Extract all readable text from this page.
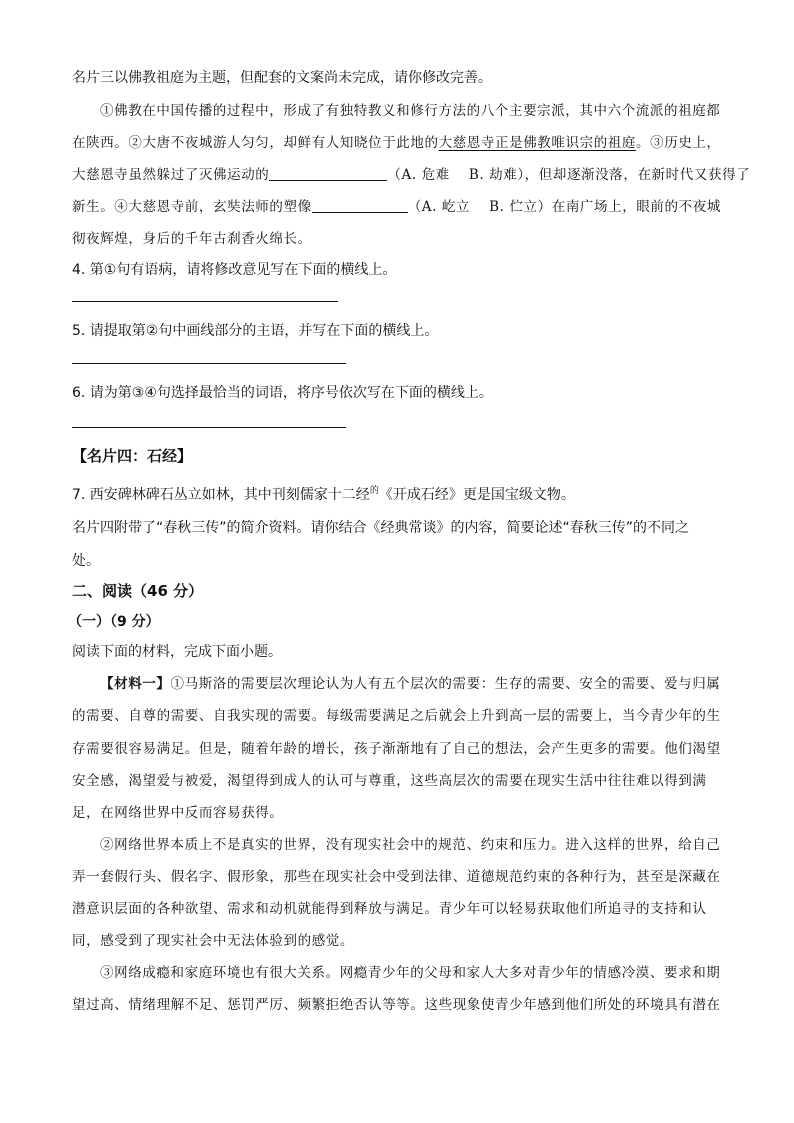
名片三以佛教祖庭为主题，但配套的文案尚未完成，请你修改完善。
①佛教在中国传播的过程中，形成了有独特教义和修行方法的八个主要宗派，其中六个流派的祖庭都
在陕西。②大唐不夜城游人匀匀，却鲜有人知晓位于此地的大慈恩寺正是佛教唯识宗的祖庭。③历史上，
大慈恩寺虽然躲过了灭佛运动的	（A. 危难　 B. 劫难），但却逐渐没落，在新时代又获得了
新生。④大慈恩寺前，玄奘法师的塑像	（A. 屹立　 B. 伫立）在南广场上，眼前的不夜城
彻夜辉煌，身后的千年古刹香火绵长。
4. 第①句有语病，请将修改意见写在下面的横线上。
5. 请提取第②句中画线部分的主语，并写在下面的横线上。
6. 请为第③④句选择最恰当的词语，将序号依次写在下面的横线上。
【名片四：石经】
7. 西安碑林碑石丛立如林，其中刊刻儒家十二经$^的$《开成石经》更是国宝级文物。
名片四附带了“春秋三传”的简介资料。请你结合《经典常谈》的内容，简要论述“春秋三传”的不同之
处。
二、阅读（46 分）
（一）（9 分）
阅读下面的材料，完成下面小题。
【材料一】①马斯洛的需要层次理论认为人有五个层次的需要：生存的需要、安全的需要、爱与归属
的需要、自尊的需要、自我实现的需要。每级需要满足之后就会上升到高一层的需要上，当今青少年的生
存需要很容易满足。但是，随着年龄的增长，孩子渐渐地有了自己的想法，会产生更多的需要。他们渴望
安全感，渴望爱与被爱，渴望得到成人的认可与尊重，这些高层次的需要在现实生活中往往难以得到满
足，在网络世界中反而容易获得。
②网络世界本质上不是真实的世界，没有现实社会中的规范、约束和压力。进入这样的世界，给自己
弄一套假行头、假名字、假形象，那些在现实社会中受到法律、道德规范约束的各种行为，甚至是深藏在
潜意识层面的各种欲望、需求和动机就能得到释放与满足。青少年可以轻易获取他们所追寻的支持和认
同，感受到了现实社会中无法体验到的感觉。
③网络成瘾和家庭环境也有很大关系。网瘾青少年的父母和家人大多对青少年的情感冷漠、要求和期
望过高、情绪理解不足、惩罚严厉、频繁拒绝否认等等。这些现象使青少年感到他们所处的环境具有潜在
